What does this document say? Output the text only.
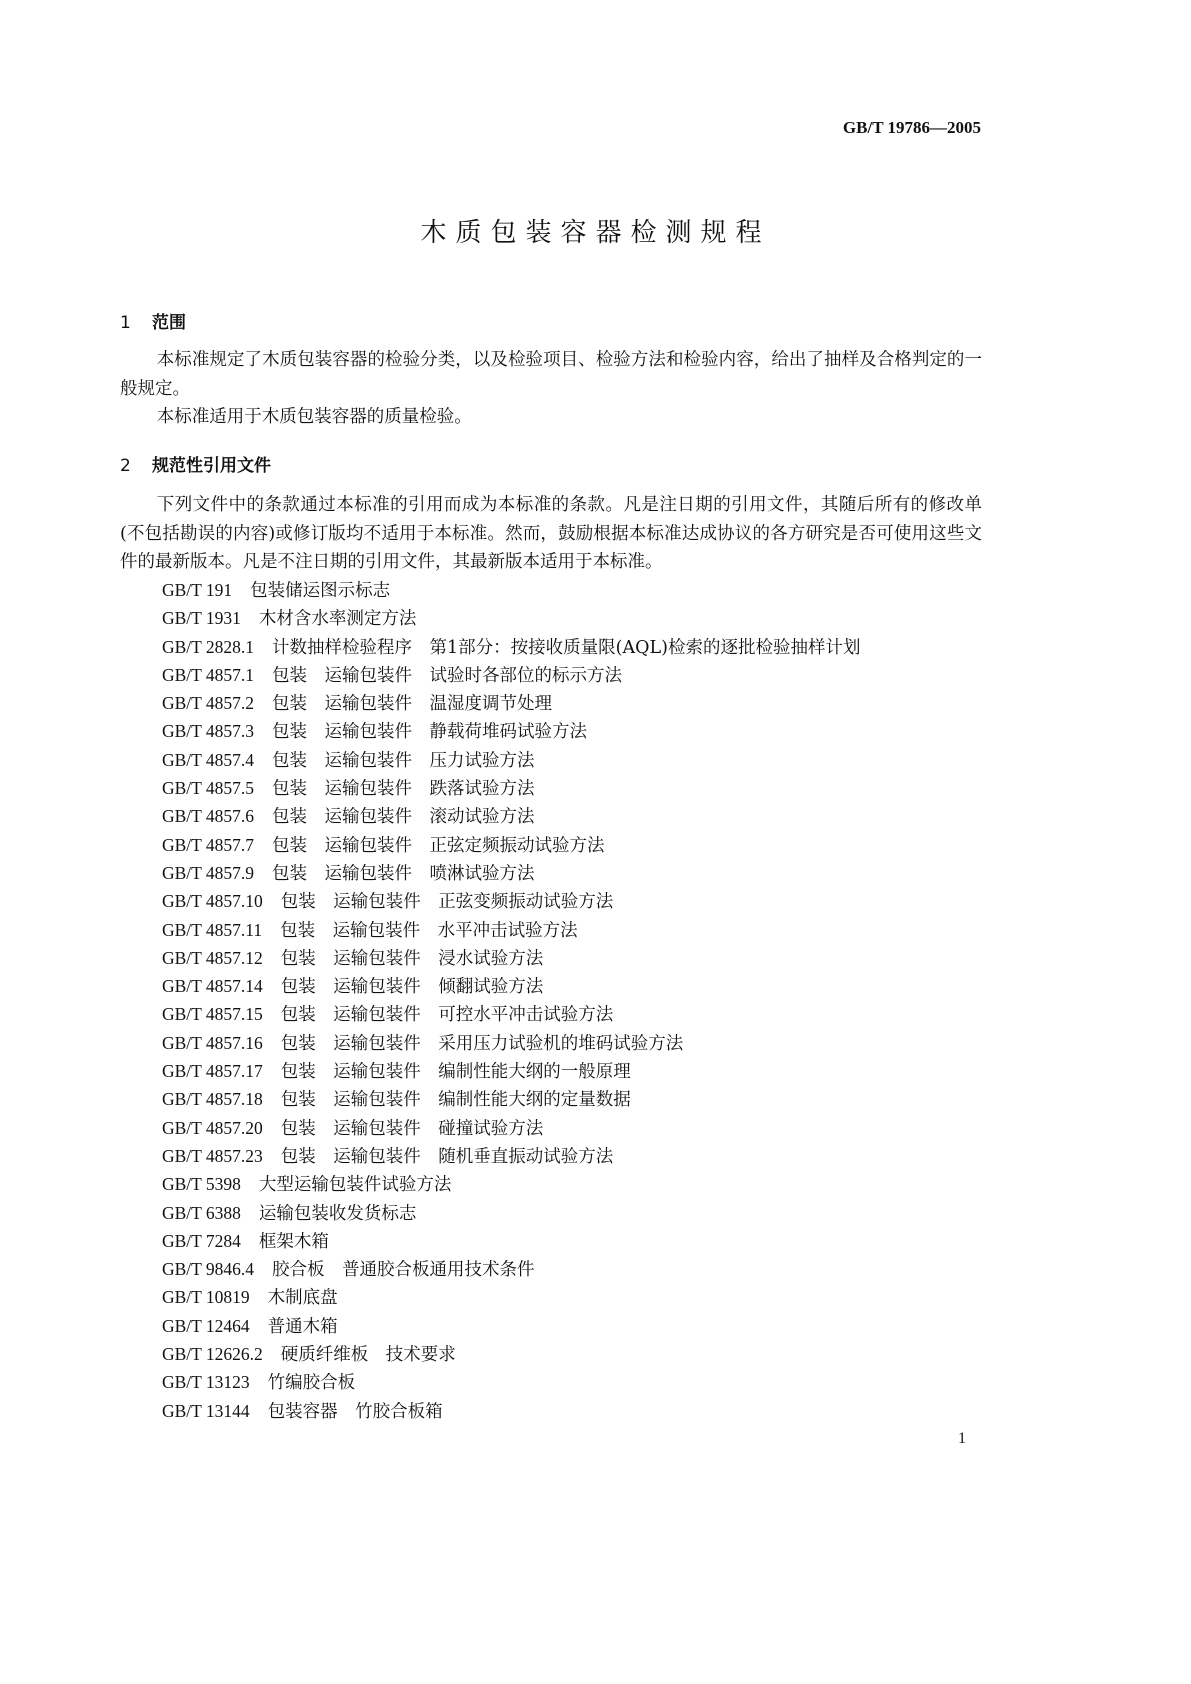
GB/T 19786—2005
木质包装容器检测规程
1 范围

本标准规定了木质包装容器的检验分类，以及检验项目、检验方法和检验内容，给出了抽样及合格判定的一般规定。

本标准适用于木质包装容器的质量检验。

2 规范性引用文件

下列文件中的条款通过本标准的引用而成为本标准的条款。凡是注日期的引用文件，其随后所有的修改单(不包括勘误的内容)或修订版均不适用于本标准。然而，鼓励根据本标准达成协议的各方研究是否可使用这些文件的最新版本。凡是不注日期的引用文件，其最新版本适用于本标准。

GB/T 191 包装储运图示标志
GB/T 1931 木材含水率测定方法
GB/T 2828.1 计数抽样检验程序　第1部分：按接收质量限(AQL)检索的逐批检验抽样计划
GB/T 4857.1 包装　运输包装件　试验时各部位的标示方法
GB/T 4857.2 包装　运输包装件　温湿度调节处理
GB/T 4857.3 包装　运输包装件　静载荷堆码试验方法
GB/T 4857.4 包装　运输包装件　压力试验方法
GB/T 4857.5 包装　运输包装件　跌落试验方法
GB/T 4857.6 包装　运输包装件　滚动试验方法
GB/T 4857.7 包装　运输包装件　正弦定频振动试验方法
GB/T 4857.9 包装　运输包装件　喷淋试验方法
GB/T 4857.10 包装　运输包装件　正弦变频振动试验方法
GB/T 4857.11 包装　运输包装件　水平冲击试验方法
GB/T 4857.12 包装　运输包装件　浸水试验方法
GB/T 4857.14 包装　运输包装件　倾翻试验方法
GB/T 4857.15 包装　运输包装件　可控水平冲击试验方法
GB/T 4857.16 包装　运输包装件　采用压力试验机的堆码试验方法
GB/T 4857.17 包装　运输包装件　编制性能大纲的一般原理
GB/T 4857.18 包装　运输包装件　编制性能大纲的定量数据
GB/T 4857.20 包装　运输包装件　碰撞试验方法
GB/T 4857.23 包装　运输包装件　随机垂直振动试验方法
GB/T 5398 大型运输包装件试验方法
GB/T 6388 运输包装收发货标志
GB/T 7284 框架木箱
GB/T 9846.4 胶合板　普通胶合板通用技术条件
GB/T 10819 木制底盘
GB/T 12464 普通木箱
GB/T 12626.2 硬质纤维板　技术要求
GB/T 13123 竹编胶合板
GB/T 13144 包装容器　竹胶合板箱
1
